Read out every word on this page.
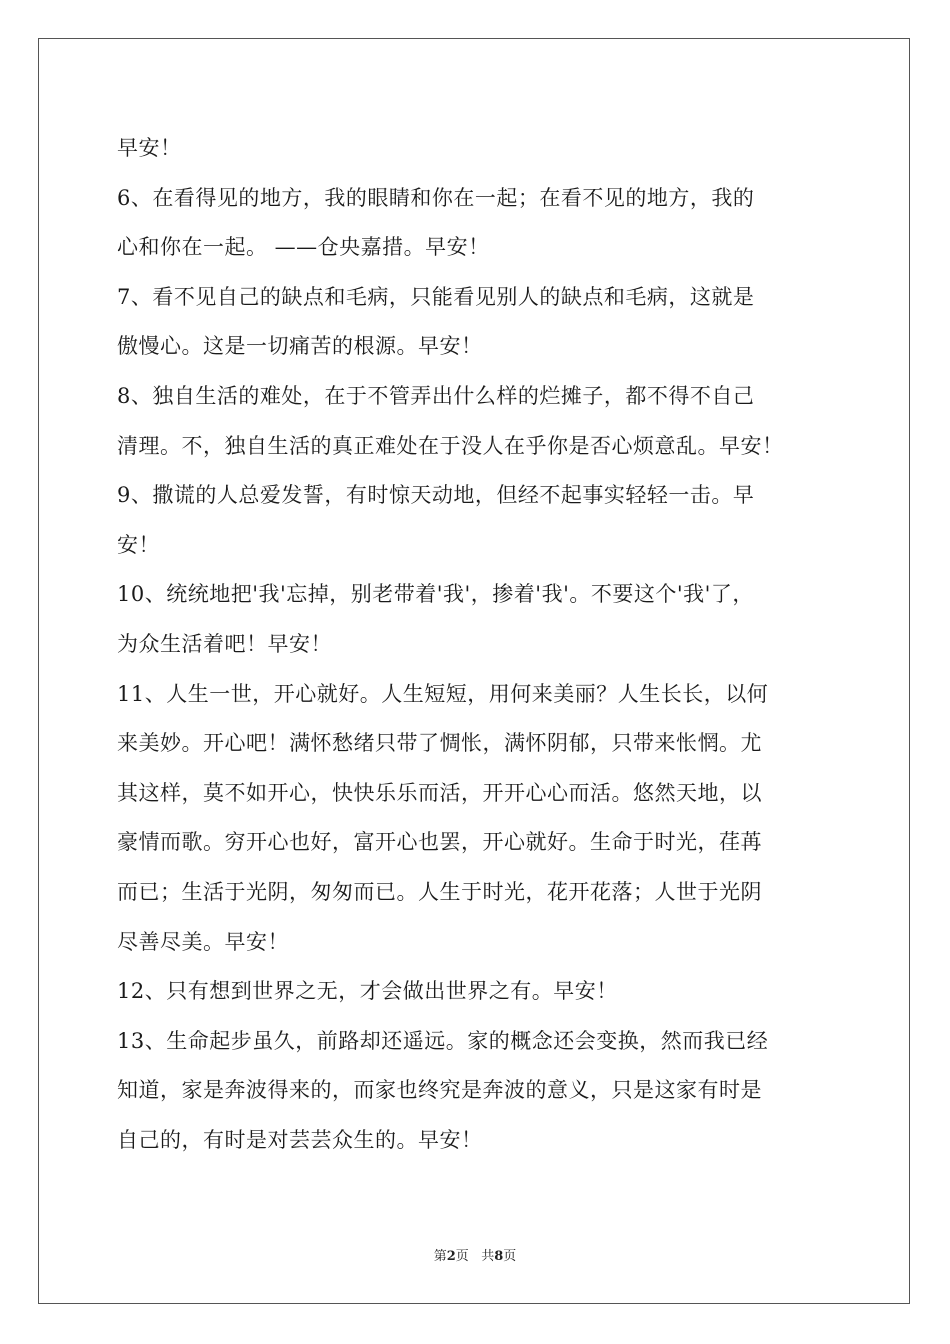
早安！
6、在看得见的地方，我的眼睛和你在一起；在看不见的地方，我的
心和你在一起。 ——仓央嘉措。早安！
7、看不见自己的缺点和毛病，只能看见别人的缺点和毛病，这就是
傲慢心。这是一切痛苦的根源。早安！
8、独自生活的难处，在于不管弄出什么样的烂摊子，都不得不自己
清理。不，独自生活的真正难处在于没人在乎你是否心烦意乱。早安！
9、撒谎的人总爱发誓，有时惊天动地，但经不起事实轻轻一击。早
安！
10、统统地把'我'忘掉，别老带着'我'，掺着'我'。不要这个'我'了，
为众生活着吧！早安！
11、人生一世，开心就好。人生短短，用何来美丽？人生长长，以何
来美妙。开心吧！满怀愁绪只带了惆怅，满怀阴郁，只带来怅惘。尤
其这样，莫不如开心，快快乐乐而活，开开心心而活。悠然天地，以
豪情而歌。穷开心也好，富开心也罢，开心就好。生命于时光，荏苒
而已；生活于光阴，匆匆而已。人生于时光，花开花落；人世于光阴
尽善尽美。早安！
12、只有想到世界之无，才会做出世界之有。早安！
13、生命起步虽久，前路却还遥远。家的概念还会变换，然而我已经
知道，家是奔波得来的，而家也终究是奔波的意义，只是这家有时是
自己的，有时是对芸芸众生的。早安！
第2页 共8页
